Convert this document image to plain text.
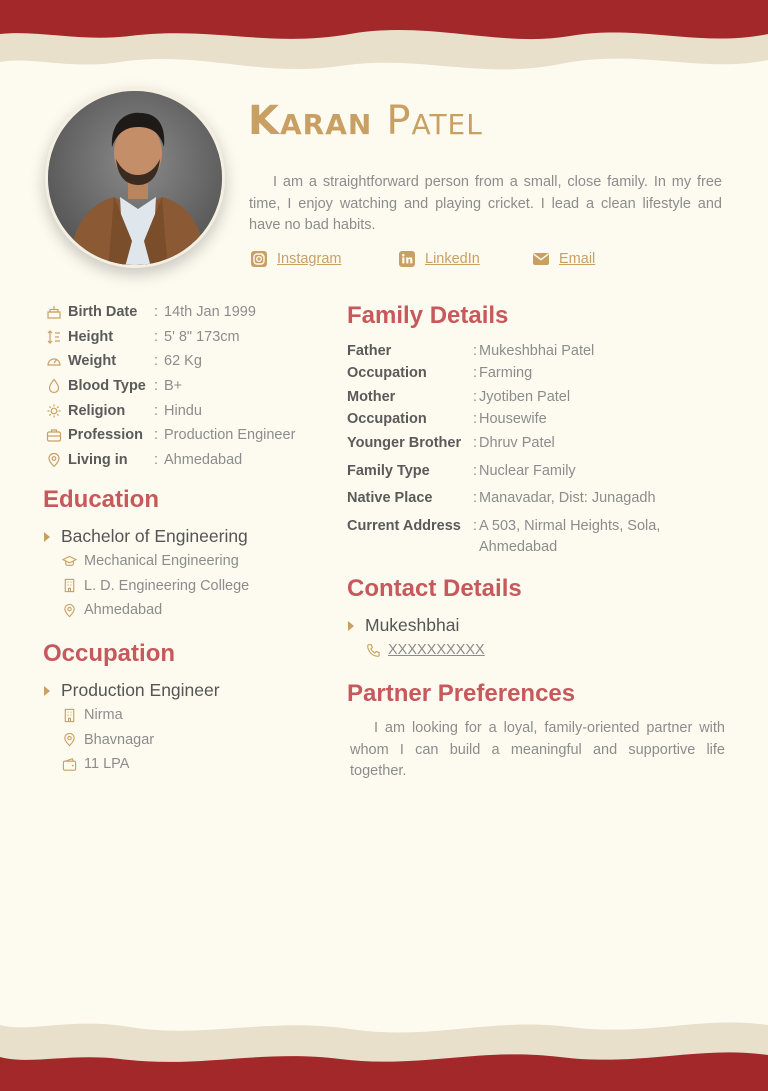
Karan Patel

I am a straightforward person from a small, close family. In my free time, I enjoy watching and playing cricket. I lead a clean lifestyle and have no bad habits.

Instagram	LinkedIn	Email
Birth Date	: 14th Jan 1999
Height	: 5' 8" 173cm
Weight	: 62 Kg
Blood Type : B+
Religion	: Hindu
Profession : Production Engineer
Living in	: Ahmedabad
Education
Bachelor of Engineering
Mechanical Engineering
L. D. Engineering College
Ahmedabad
Occupation
Production Engineer
Nirma
Bhavnagar
11 LPA
Family Details
Father	: Mukeshbhai Patel
Occupation	: Farming
Mother	: Jyotiben Patel
Occupation	: Housewife
Younger Brother : Dhruv Patel
Family Type	: Nuclear Family
Native Place	: Manavadar, Dist: Junagadh
Current Address : A 503, Nirmal Heights, Sola, Ahmedabad
Contact Details
Mukeshbhai
XXXXXXXXXX
Partner Preferences

I am looking for a loyal, family-oriented partner with whom I can build a meaningful and supportive life together.
